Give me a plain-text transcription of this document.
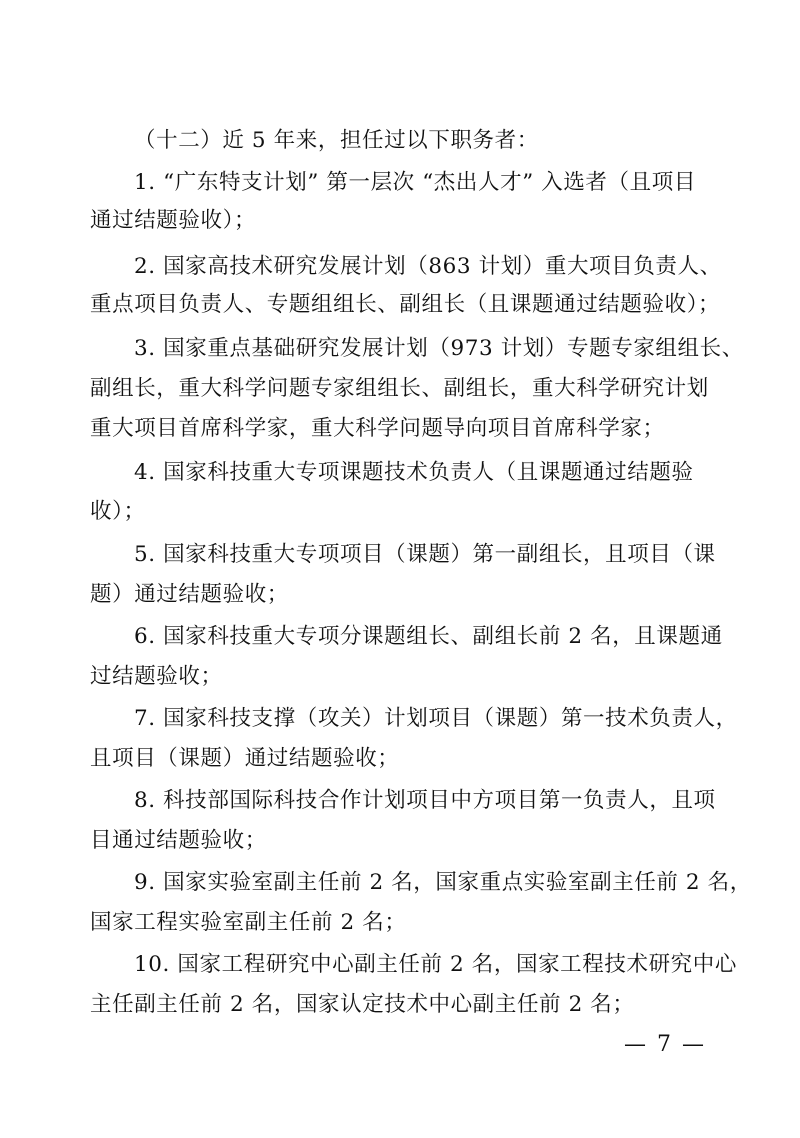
（十二）近 5 年来，担任过以下职务者：
1. “广东特支计划” 第一层次 “杰出人才” 入选者（且项目
通过结题验收）；
2. 国家高技术研究发展计划（863 计划）重大项目负责人、
重点项目负责人、专题组组长、副组长（且课题通过结题验收）；
3. 国家重点基础研究发展计划（973 计划）专题专家组组长、
副组长，重大科学问题专家组组长、副组长，重大科学研究计划
重大项目首席科学家，重大科学问题导向项目首席科学家；
4. 国家科技重大专项课题技术负责人（且课题通过结题验
收）；
5. 国家科技重大专项项目（课题）第一副组长，且项目（课
题）通过结题验收；
6. 国家科技重大专项分课题组长、副组长前 2 名，且课题通
过结题验收；
7. 国家科技支撑（攻关）计划项目（课题）第一技术负责人，
且项目（课题）通过结题验收；
8. 科技部国际科技合作计划项目中方项目第一负责人，且项
目通过结题验收；
9. 国家实验室副主任前 2 名，国家重点实验室副主任前 2 名，
国家工程实验室副主任前 2 名；
10. 国家工程研究中心副主任前 2 名，国家工程技术研究中心
主任副主任前 2 名，国家认定技术中心副主任前 2 名；
— 7 —
